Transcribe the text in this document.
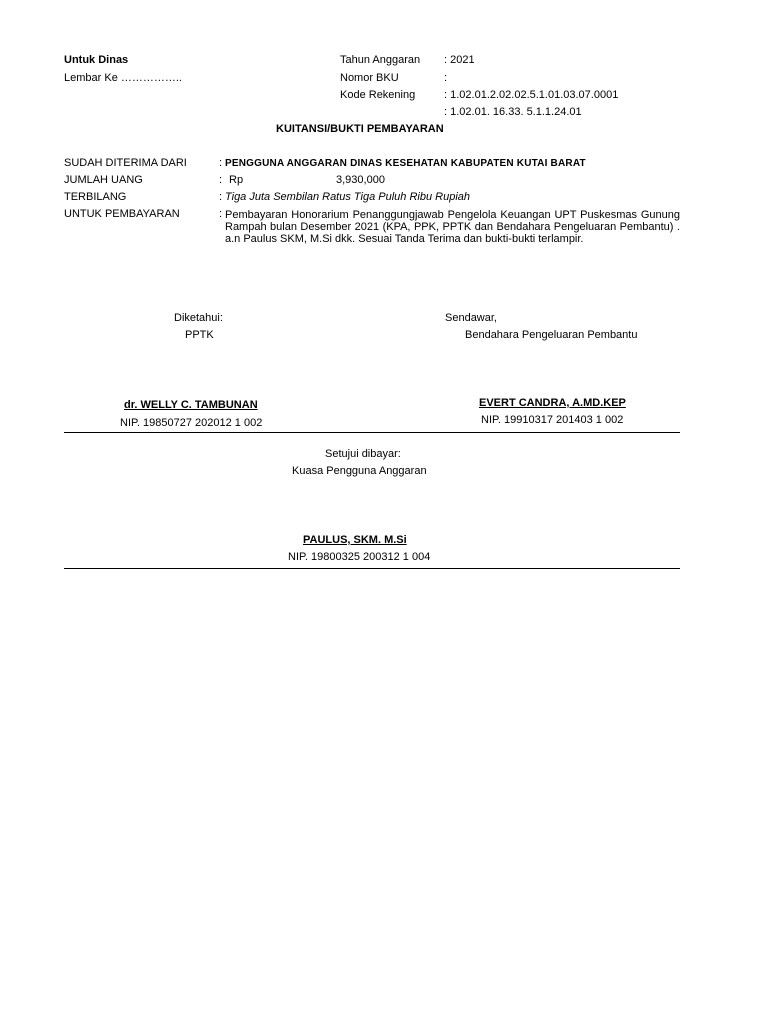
Untuk Dinas
Lembar Ke ……………..
Tahun Anggaran : 2021
Nomor BKU	:
Kode Rekening	: 1.02.01.2.02.02.5.1.01.03.07.0001
: 1.02.01. 16.33. 5.1.1.24.01
KUITANSI/BUKTI PEMBAYARAN
SUDAH DITERIMA DARI	: PENGGUNA ANGGARAN DINAS KESEHATAN KABUPATEN KUTAI BARAT
JUMLAH UANG	: Rp	3,930,000
TERBILANG	: Tiga Juta Sembilan Ratus Tiga Puluh Ribu Rupiah
UNTUK PEMBAYARAN	: Pembayaran Honorarium Penanggungjawab Pengelola Keuangan UPT Puskesmas Gunung Rampah bulan Desember 2021 (KPA, PPK, PPTK dan Bendahara Pengeluaran Pembantu) . a.n Paulus SKM, M.Si dkk. Sesuai Tanda Terima dan bukti-bukti terlampir.
Diketahui:
PPTK
Sendawar,
Bendahara Pengeluaran Pembantu
dr. WELLY C. TAMBUNAN
NIP. 19850727 202012 1 002
EVERT CANDRA, A.MD.KEP
NIP. 19910317 201403 1 002
Setujui dibayar:
Kuasa Pengguna Anggaran
PAULUS, SKM. M.Si
NIP. 19800325 200312 1 004
